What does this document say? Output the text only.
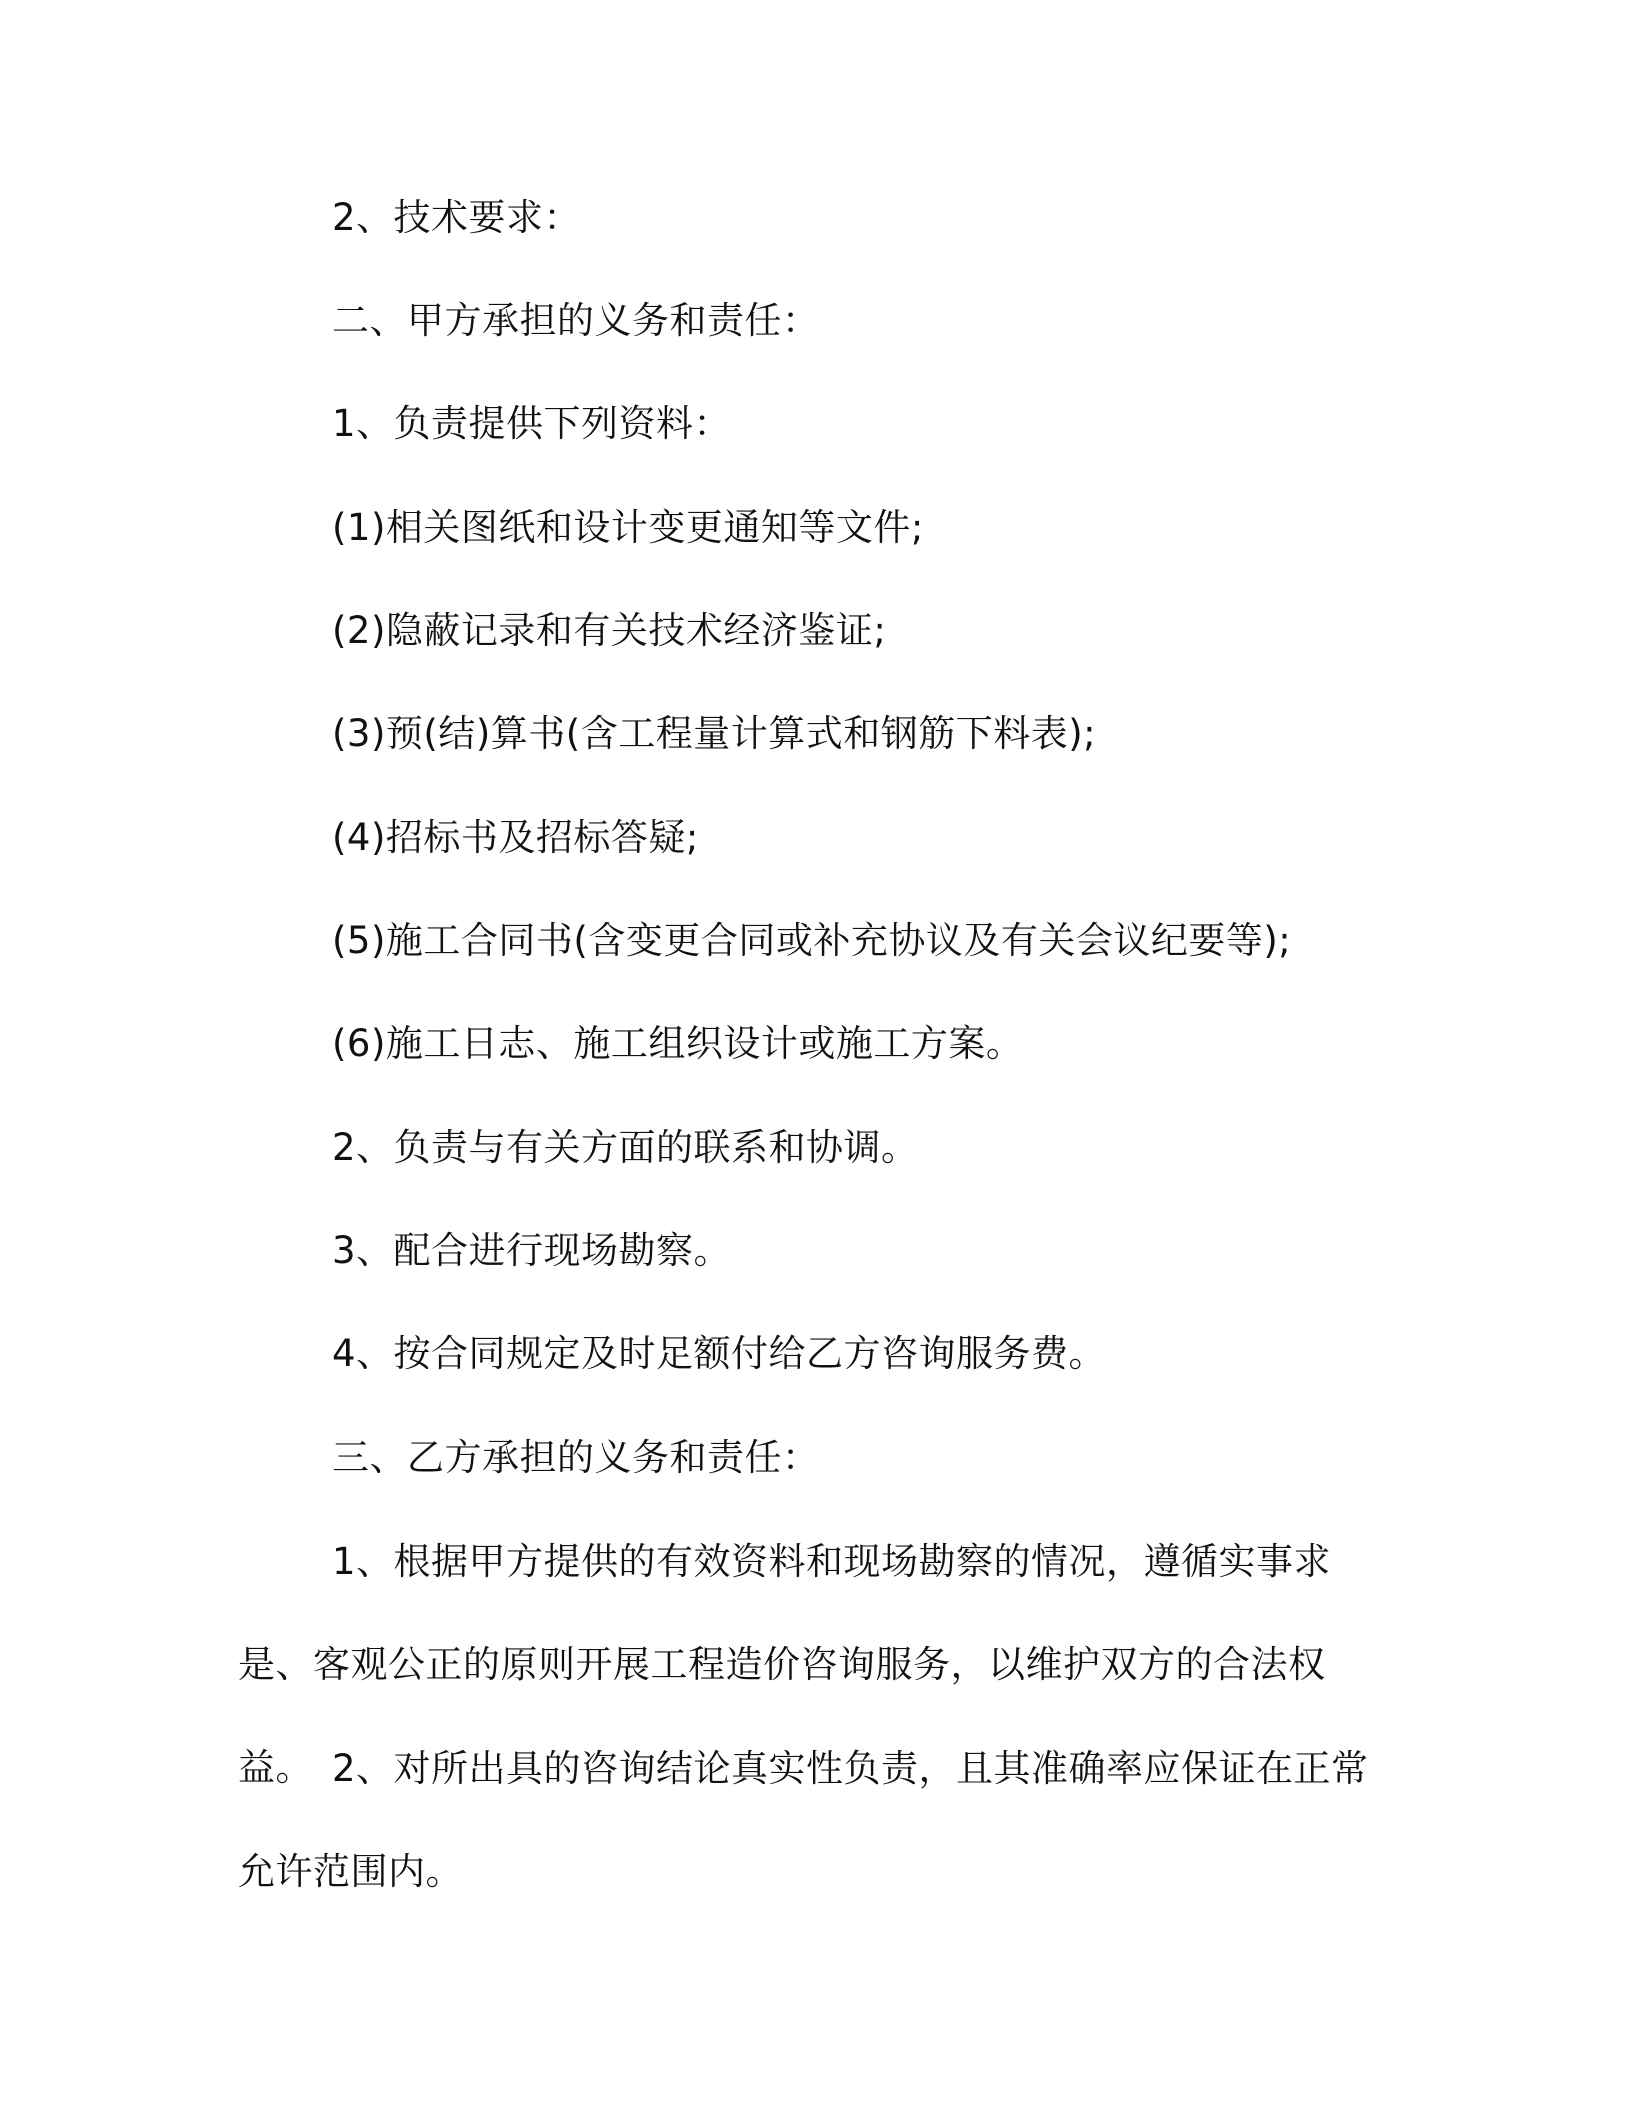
2、技术要求：
二、甲方承担的义务和责任：
1、负责提供下列资料：
(1)相关图纸和设计变更通知等文件;
(2)隐蔽记录和有关技术经济鉴证;
(3)预(结)算书(含工程量计算式和钢筋下料表);
(4)招标书及招标答疑;
(5)施工合同书(含变更合同或补充协议及有关会议纪要等);
(6)施工日志、施工组织设计或施工方案。
2、负责与有关方面的联系和协调。
3、配合进行现场勘察。
4、按合同规定及时足额付给乙方咨询服务费。
三、乙方承担的义务和责任：
1、根据甲方提供的有效资料和现场勘察的情况，遵循实事求是、客观公正的原则开展工程造价咨询服务，以维护双方的合法权益。 2、对所出具的咨询结论真实性负责，且其准确率应保证在正常允许范围内。
